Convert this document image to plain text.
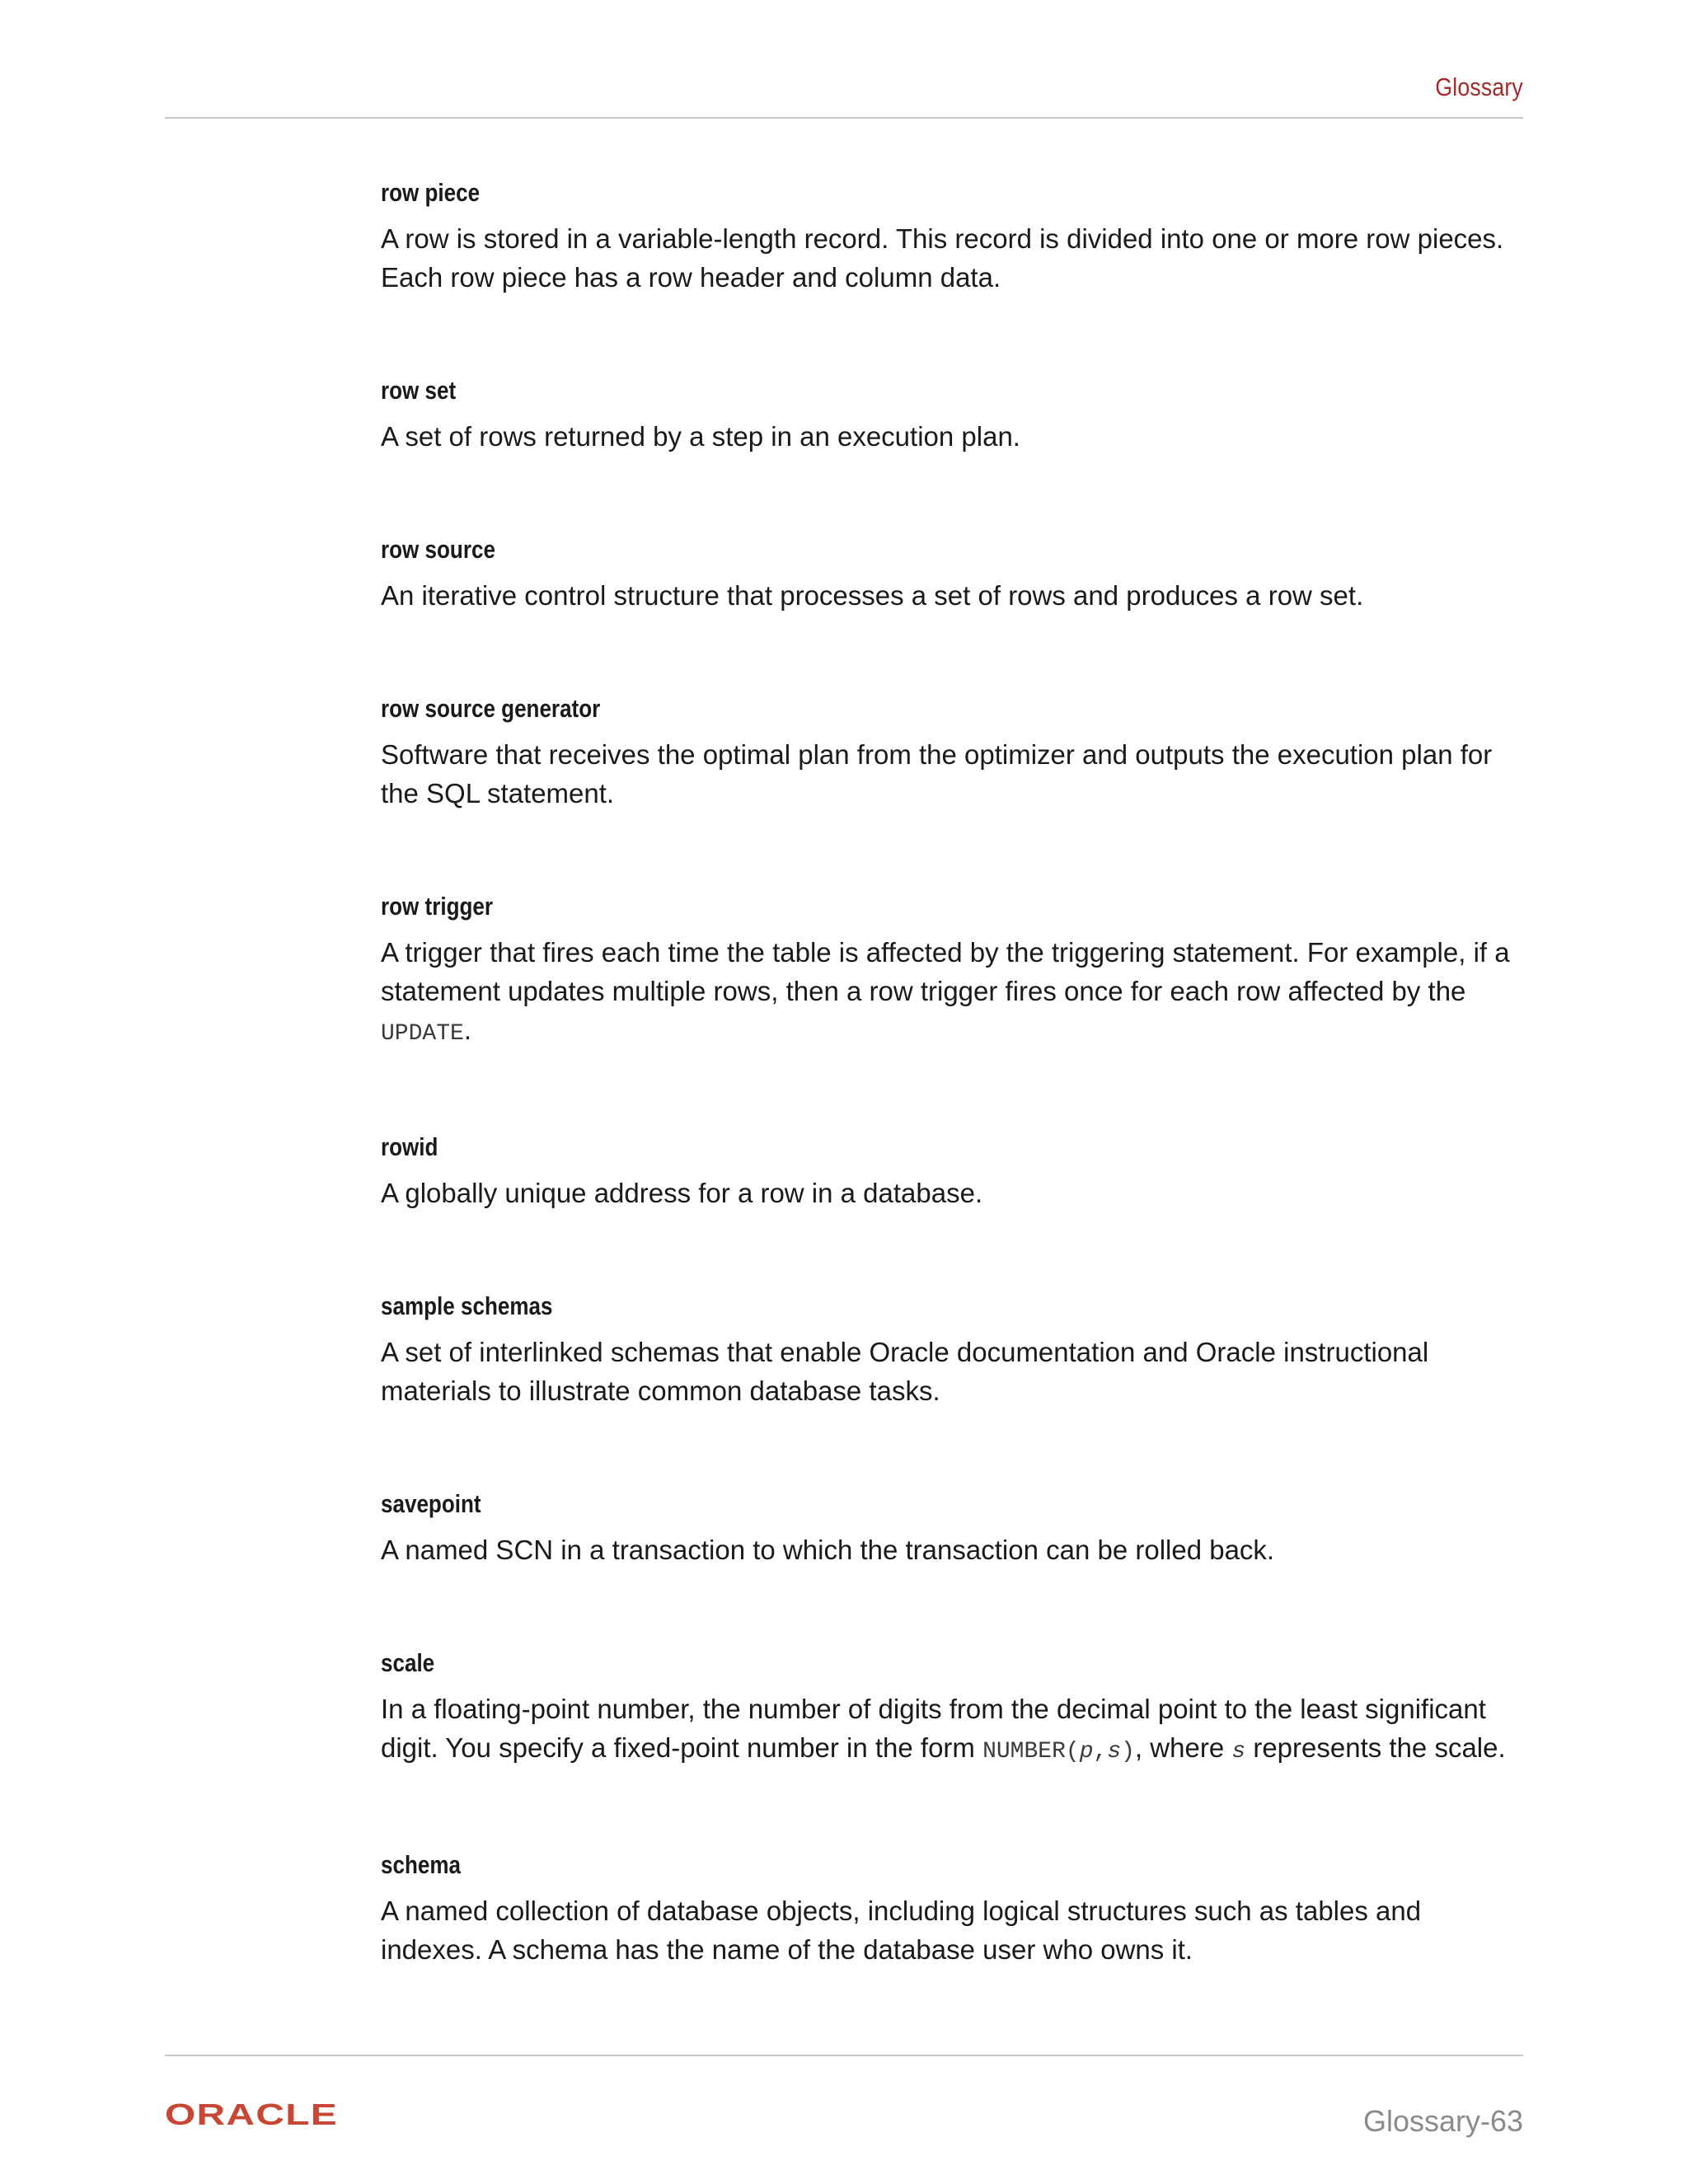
Glossary
row piece
A row is stored in a variable-length record. This record is divided into one or more row pieces. Each row piece has a row header and column data.
row set
A set of rows returned by a step in an execution plan.
row source
An iterative control structure that processes a set of rows and produces a row set.
row source generator
Software that receives the optimal plan from the optimizer and outputs the execution plan for the SQL statement.
row trigger
A trigger that fires each time the table is affected by the triggering statement. For example, if a statement updates multiple rows, then a row trigger fires once for each row affected by the UPDATE.
rowid
A globally unique address for a row in a database.
sample schemas
A set of interlinked schemas that enable Oracle documentation and Oracle instructional materials to illustrate common database tasks.
savepoint
A named SCN in a transaction to which the transaction can be rolled back.
scale
In a floating-point number, the number of digits from the decimal point to the least significant digit. You specify a fixed-point number in the form NUMBER(p,s), where s represents the scale.
schema
A named collection of database objects, including logical structures such as tables and indexes. A schema has the name of the database user who owns it.
ORACLE	Glossary-63
